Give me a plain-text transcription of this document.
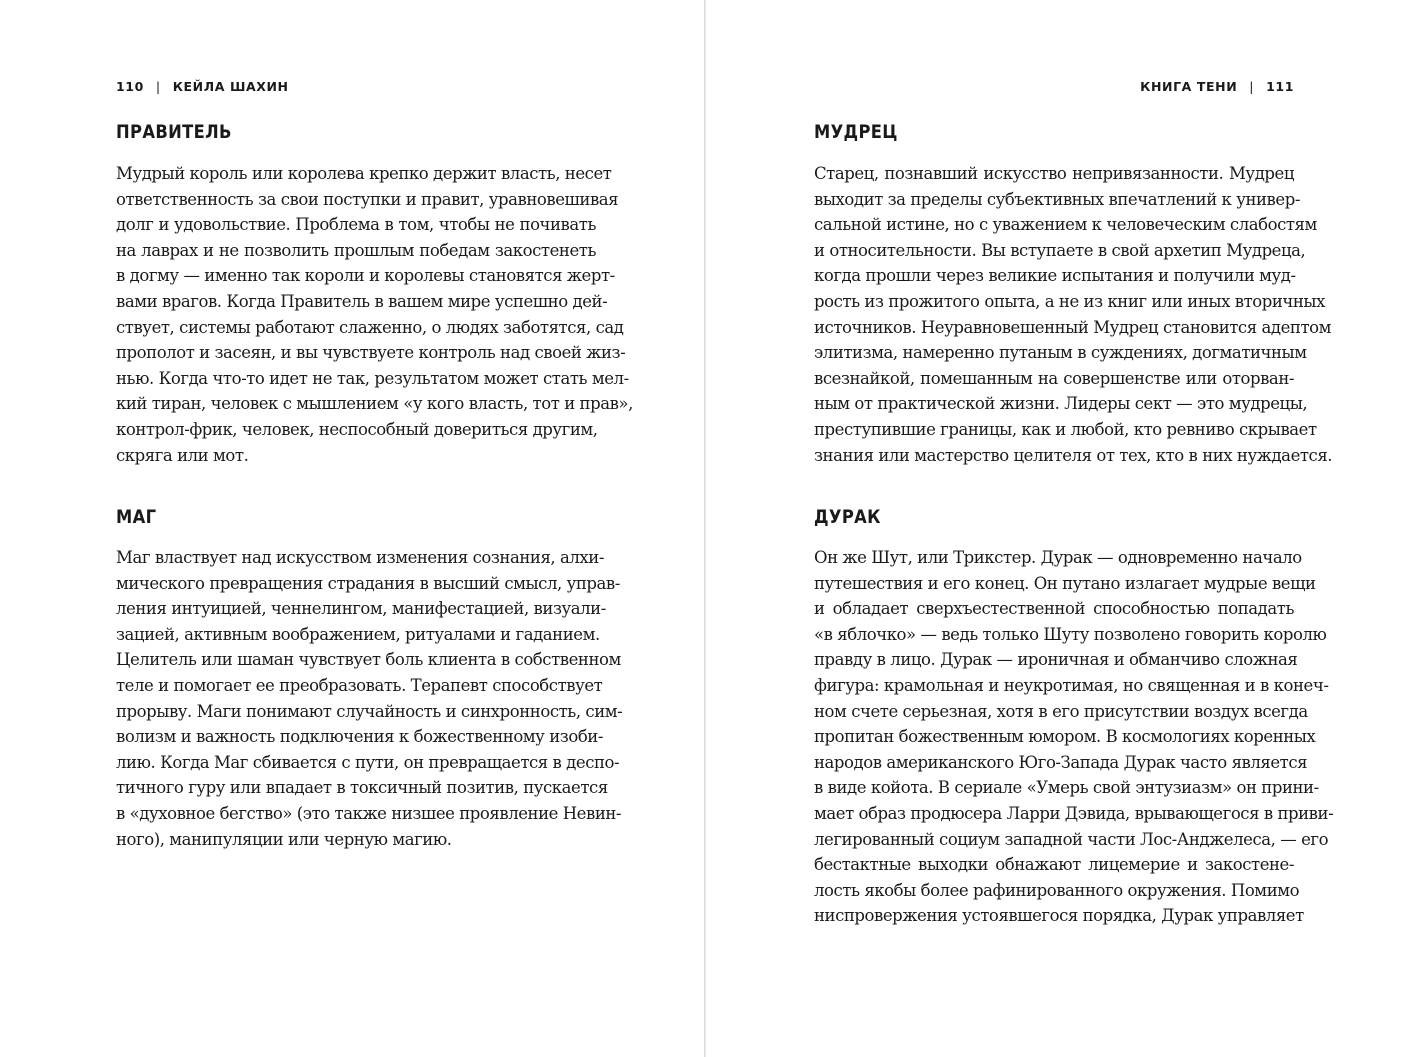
110 | КЕЙЛА ШАХИН
ПРАВИТЕЛЬ
Мудрый король или королева крепко держит власть, несет
ответственность за свои поступки и правит, уравновешивая
долг и удовольствие. Проблема в том, чтобы не почивать
на лаврах и не позволить прошлым победам закостенеть
в догму — именно так короли и королевы становятся жерт-
вами врагов. Когда Правитель в вашем мире успешно дей-
ствует, системы работают слаженно, о людях заботятся, сад
прополот и засеян, и вы чувствуете контроль над своей жиз-
нью. Когда что-то идет не так, результатом может стать мел-
кий тиран, человек с мышлением «у кого власть, тот и прав»,
контрол-фрик, человек, неспособный довериться другим,
скряга или мот.
МАГ
Маг властвует над искусством изменения сознания, алхи-
мического превращения страдания в высший смысл, управ-
ления интуицией, ченнелингом, манифестацией, визуали-
зацией, активным воображением, ритуалами и гаданием.
Целитель или шаман чувствует боль клиента в собственном
теле и помогает ее преобразовать. Терапевт способствует
прорыву. Маги понимают случайность и синхронность, сим-
волизм и важность подключения к божественному изоби-
лию. Когда Маг сбивается с пути, он превращается в деспо-
тичного гуру или впадает в токсичный позитив, пускается
в «духовное бегство» (это также низшее проявление Невин-
ного), манипуляции или черную магию.
КНИГА ТЕНИ | 111
МУДРЕЦ
Старец, познавший искусство непривязанности. Мудрец
выходит за пределы субъективных впечатлений к универ-
сальной истине, но с уважением к человеческим слабостям
и относительности. Вы вступаете в свой архетип Мудреца,
когда прошли через великие испытания и получили муд-
рость из прожитого опыта, а не из книг или иных вторичных
источников. Неуравновешенный Мудрец становится адептом
элитизма, намеренно путаным в суждениях, догматичным
всезнайкой, помешанным на совершенстве или оторван-
ным от практической жизни. Лидеры сект — это мудрецы,
преступившие границы, как и любой, кто ревниво скрывает
знания или мастерство целителя от тех, кто в них нуждается.
ДУРАК
Он же Шут, или Трикстер. Дурак — одновременно начало
путешествия и его конец. Он путано излагает мудрые вещи
и обладает сверхъестественной способностью попадать
«в яблочко» — ведь только Шуту позволено говорить королю
правду в лицо. Дурак — ироничная и обманчиво сложная
фигура: крамольная и неукротимая, но священная и в конеч-
ном счете серьезная, хотя в его присутствии воздух всегда
пропитан божественным юмором. В космологиях коренных
народов американского Юго-Запада Дурак часто является
в виде койота. В сериале «Умерь свой энтузиазм» он прини-
мает образ продюсера Ларри Дэвида, врывающегося в приви-
легированный социум западной части Лос-Анджелеса, — его
бестактные выходки обнажают лицемерие и закостене-
лость якобы более рафинированного окружения. Помимо
ниспровержения устоявшегося порядка, Дурак управляет
